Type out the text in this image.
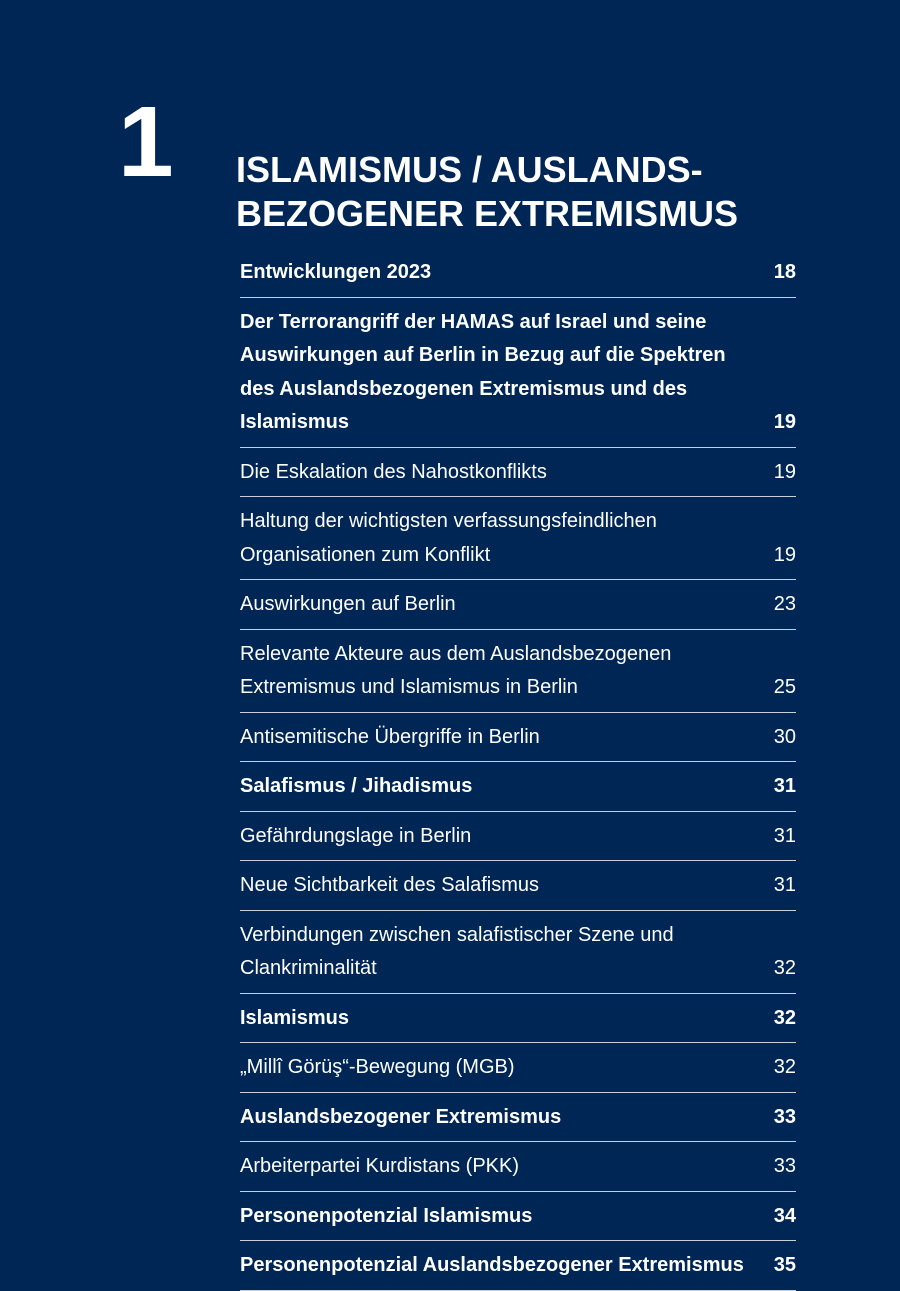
1 ISLAMISMUS / AUSLANDS-
BEZOGENER EXTREMISMUS
Entwicklungen 2023	18
Der Terrorangriff der HAMAS auf Israel und seine
Auswirkungen auf Berlin in Bezug auf die Spektren
des Auslandsbezogenen Extremismus und des
Islamismus	19
Die Eskalation des Nahostkonflikts	19
Haltung der wichtigsten verfassungsfeindlichen
Organisationen zum Konflikt	19
Auswirkungen auf Berlin	23
Relevante Akteure aus dem Auslandsbezogenen
Extremismus und Islamismus in Berlin	25
Antisemitische Übergriffe in Berlin	30
Salafismus / Jihadismus	31
Gefährdungslage in Berlin	31
Neue Sichtbarkeit des Salafismus	31
Verbindungen zwischen salafistischer Szene und
Clankriminalität	32
Islamismus	32
„Millî Görüş“-Bewegung (MGB)	32
Auslandsbezogener Extremismus	33
Arbeiterpartei Kurdistans (PKK)	33
Personenpotenzial Islamismus	34
Personenpotenzial Auslandsbezogener Extremismus	35
